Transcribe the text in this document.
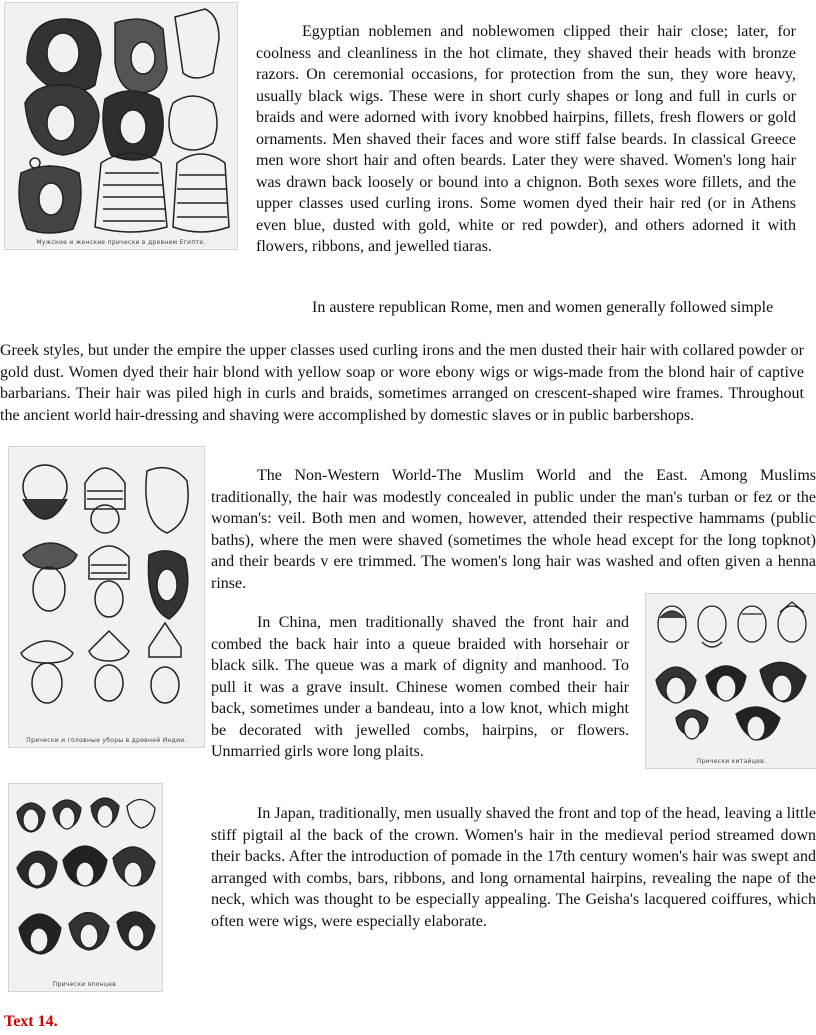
Мужские и женские прически в древнем Египте.
Egyptian noblemen and noblewomen clipped their hair close; later, for coolness and cleanliness in the hot climate, they shaved their heads with bronze razors. On ceremonial occasions, for protection from the sun, they wore heavy, usually black wigs. These were in short curly shapes or long and full in curls or braids and were adorned with ivory knobbed hairpins, fillets, fresh flowers or gold ornaments. Men shaved their faces and wore stiff false beards. In classical Greece men wore short hair and often beards. Later they were shaved. Women's long hair was drawn back loosely or bound into a chignon. Both sexes wore fillets, and the upper classes used curling irons. Some women dyed their hair red (or in Athens even blue, dusted with gold, white or red powder), and others adorned it with flowers, ribbons, and jewelled tiaras.
In austere republican Rome, men and women generally followed simple
Greek styles, but under the empire the upper classes used curling irons and the men dusted their hair with collared powder or gold dust. Women dyed their hair blond with yellow soap or wore ebony wigs or wigs-made from the blond hair of captive barbarians. Their hair was piled high in curls and braids, sometimes arranged on crescent-shaped wire frames. Throughout the ancient world hair-dressing and shaving were accomplished by domestic slaves or in public barbershops.
Прически и головные уборы в древней Индии.
The Non-Western World-The Muslim World and the East. Among Muslims traditionally, the hair was modestly concealed in public under the man's turban or fez or the woman's: veil. Both men and women, however, attended their respective hammams (public baths), where the men were shaved (sometimes the whole head except for the long topknot) and their beards v ere trimmed. The women's long hair was washed and often given a henna rinse.
In China, men traditionally shaved the front hair and combed the back hair into a queue braided with horsehair or black silk. The queue was a mark of dignity and manhood. To pull it was a grave insult. Chinese women combed their hair back, sometimes under a bandeau, into a low knot, which might be decorated with jewelled combs, hairpins, or flowers. Unmarried girls wore long plaits.
Прически китайцев.
Прически японцев.
In Japan, traditionally, men usually shaved the front and top of the head, leaving a little stiff pigtail al the back of the crown. Women's hair in the medieval period streamed down their backs. After the introduction of pomade in the 17th century women's hair was swept and arranged with combs, bars, ribbons, and long ornamental hairpins, revealing the nape of the neck, which was thought to be especially appealing. The Geisha's lacquered coiffures, which often were wigs, were especially elaborate.
Text 14.
